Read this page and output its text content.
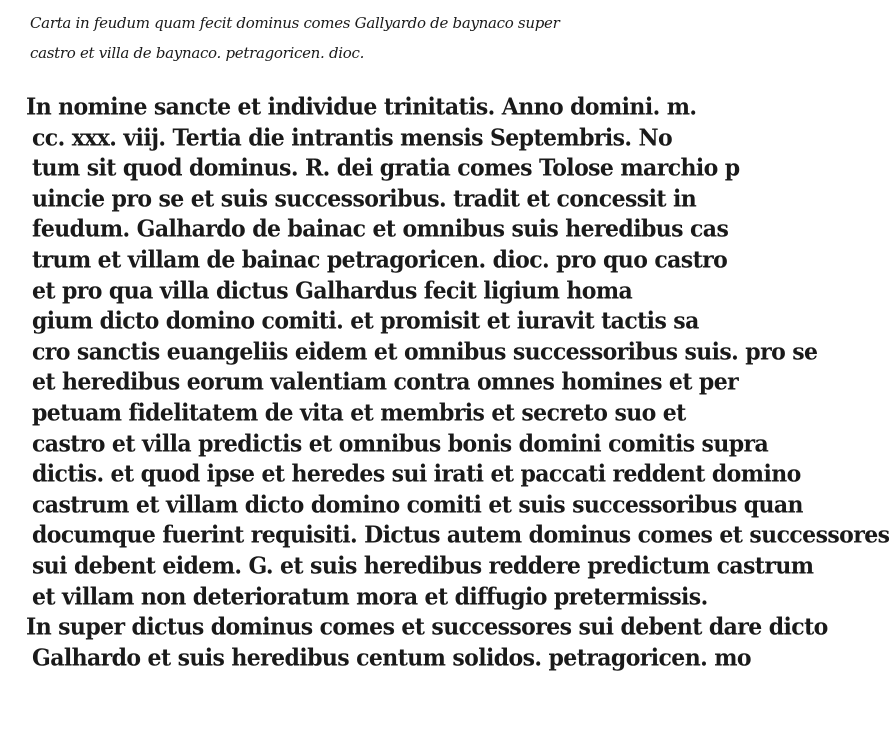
Carta in feudum quam fecit dominus comes Gallyardo de baynaco super
castro et villa de baynaco. petragoricen. dioc.
In nomine sancte et individue trinitatis. Anno domini. m.
cc. xxx. viij. Tertia die intrantis mensis Septembris. Nо
tum sit quod dominus. R. dei gratia comes Tolose marchio p
uincie pro se et suis successoribus. tradit et concessit in
feudum. Galhardo de bainac et omnibus suis heredibus cas
trum et villam de bainac petragoricen. dioc. pro quo castro
et pro qua villa dictus Galhardus fecit ligium homa
gium dicto domino comiti. et promisit et iuravit tactis sa
cro sanctis euangeliis eidem et omnibus successoribus suis. pro se
et heredibus eorum valentiam contra omnes homines et per
petuam fidelitatem de vita et membris et secreto suo et
castro et villa predictis et omnibus bonis domini comitis supra
dictis. et quod ipse et heredes sui irati et paccati reddent domino
castrum et villam dicto domino comiti et suis successoribus quan
documque fuerint requisiti. Dictus autem dominus comes et successores
sui debent eidem. G. et suis heredibus reddere predictum castrum
et villam non deterioratum mora et diffugio pretermissis.
In super dictus dominus comes et successores sui debent dare dicto
Galhardo et suis heredibus centum solidos. petragoricen. mo
